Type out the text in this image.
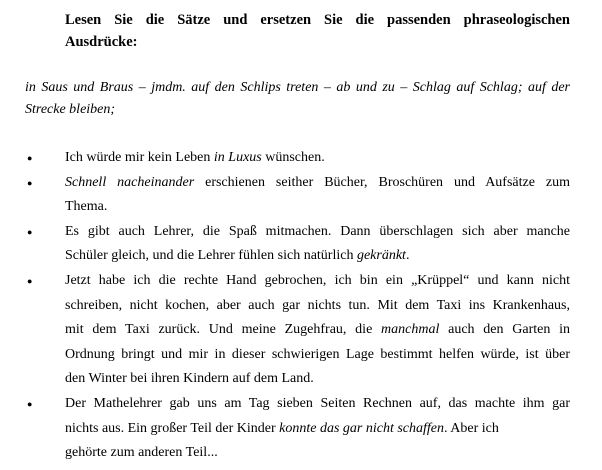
Lesen Sie die Sätze und ersetzen Sie die passenden phraseologischen
Ausdrücke:
in Saus und Braus – jmdm. auf den Schlips treten – ab und zu – Schlag auf Schlag; auf der
Strecke bleiben;
● Ich würde mir kein Leben in Luxus wünschen.
● Schnell nacheinander erschienen seither Bücher, Broschüren und Aufsätze zum
Thema.
● Es gibt auch Lehrer, die Spaß mitmachen. Dann überschlagen sich aber manche
Schüler gleich, und die Lehrer fühlen sich natürlich gekränkt.
● Jetzt habe ich die rechte Hand gebrochen, ich bin ein „Krüppel“ und kann nicht
schreiben, nicht kochen, aber auch gar nichts tun. Mit dem Taxi ins Krankenhaus,
mit dem Taxi zurück. Und meine Zugehfrau, die manchmal auch den Garten in
Ordnung bringt und mir in dieser schwierigen Lage bestimmt helfen würde, ist über
den Winter bei ihren Kindern auf dem Land.
● Der Mathelehrer gab uns am Tag sieben Seiten Rechnen auf, das machte ihm gar
nichts aus. Ein großer Teil der Kinder konnte das gar nicht schaffen. Aber ich
gehörte zum anderen Teil...
